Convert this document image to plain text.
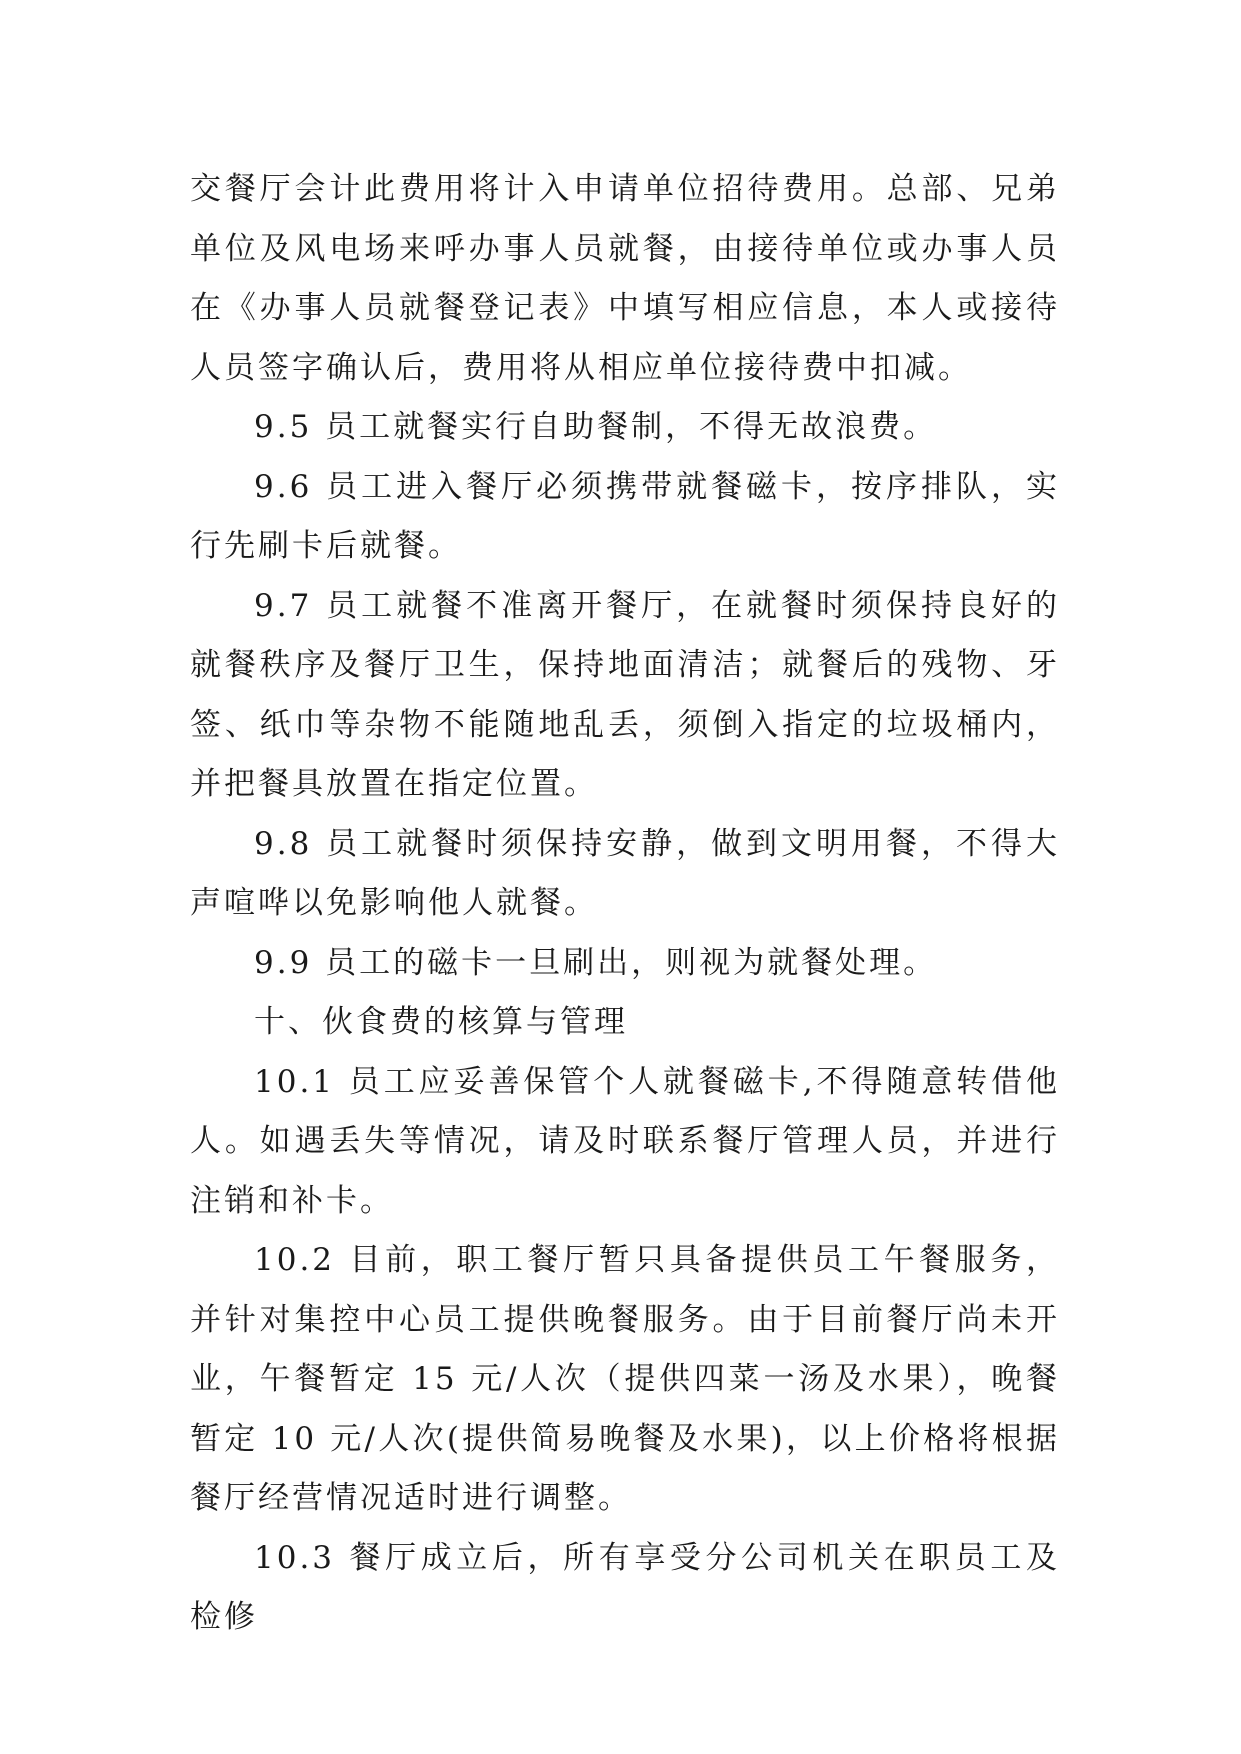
交餐厅会计此费用将计入申请单位招待费用。总部、兄弟单位及风电场来呼办事人员就餐，由接待单位或办事人员在《办事人员就餐登记表》中填写相应信息，本人或接待人员签字确认后，费用将从相应单位接待费中扣减。

9.5 员工就餐实行自助餐制，不得无故浪费。

9.6 员工进入餐厅必须携带就餐磁卡，按序排队，实行先刷卡后就餐。

9.7 员工就餐不准离开餐厅，在就餐时须保持良好的就餐秩序及餐厅卫生，保持地面清洁；就餐后的残物、牙签、纸巾等杂物不能随地乱丢，须倒入指定的垃圾桶内，并把餐具放置在指定位置。

9.8 员工就餐时须保持安静，做到文明用餐，不得大声喧哗以免影响他人就餐。

9.9 员工的磁卡一旦刷出，则视为就餐处理。

十、伙食费的核算与管理

10.1 员工应妥善保管个人就餐磁卡,不得随意转借他人。如遇丢失等情况，请及时联系餐厅管理人员，并进行注销和补卡。

10.2 目前，职工餐厅暂只具备提供员工午餐服务，并针对集控中心员工提供晚餐服务。由于目前餐厅尚未开业，午餐暂定 15 元/人次（提供四菜一汤及水果），晚餐暂定 10 元/人次(提供简易晚餐及水果)，以上价格将根据餐厅经营情况适时进行调整。

10.3 餐厅成立后，所有享受分公司机关在职员工及检修
